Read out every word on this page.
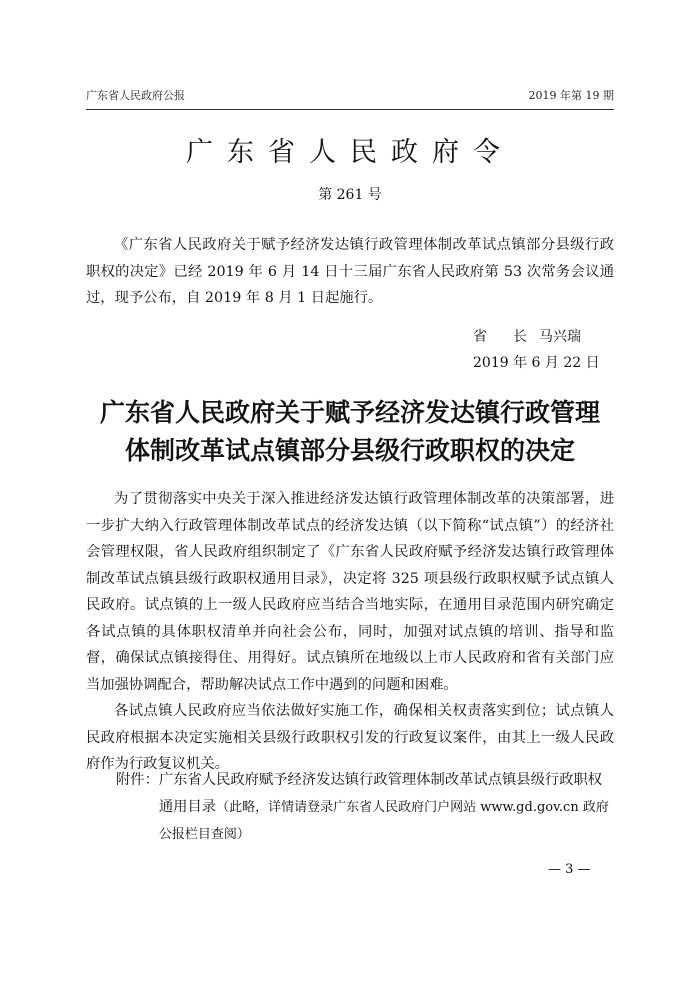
广东省人民政府公报	2019 年第 19 期
广东省人民政府令
第 261 号

《广东省人民政府关于赋予经济发达镇行政管理体制改革试点镇部分县级行政职权的决定》已经 2019 年 6 月 14 日十三届广东省人民政府第 53 次常务会议通过，现予公布，自 2019 年 8 月 1 日起施行。

省 长 马兴瑞
2019 年 6 月 22 日
广东省人民政府关于赋予经济发达镇行政管理
体制改革试点镇部分县级行政职权的决定

为了贯彻落实中央关于深入推进经济发达镇行政管理体制改革的决策部署，进一步扩大纳入行政管理体制改革试点的经济发达镇（以下简称“试点镇”）的经济社会管理权限，省人民政府组织制定了《广东省人民政府赋予经济发达镇行政管理体制改革试点镇县级行政职权通用目录》，决定将 325 项县级行政职权赋予试点镇人民政府。试点镇的上一级人民政府应当结合当地实际，在通用目录范围内研究确定各试点镇的具体职权清单并向社会公布，同时，加强对试点镇的培训、指导和监督，确保试点镇接得住、用得好。试点镇所在地级以上市人民政府和省有关部门应当加强协调配合，帮助解决试点工作中遇到的问题和困难。

各试点镇人民政府应当依法做好实施工作，确保相关权责落实到位；试点镇人民政府根据本决定实施相关县级行政职权引发的行政复议案件，由其上一级人民政府作为行政复议机关。

附件： 广东省人民政府赋予经济发达镇行政管理体制改革试点镇县级行政职权通用目录（此略，详情请登录广东省人民政府门户网站 www.gd.gov.cn 政府公报栏目查阅）
— 3 —
